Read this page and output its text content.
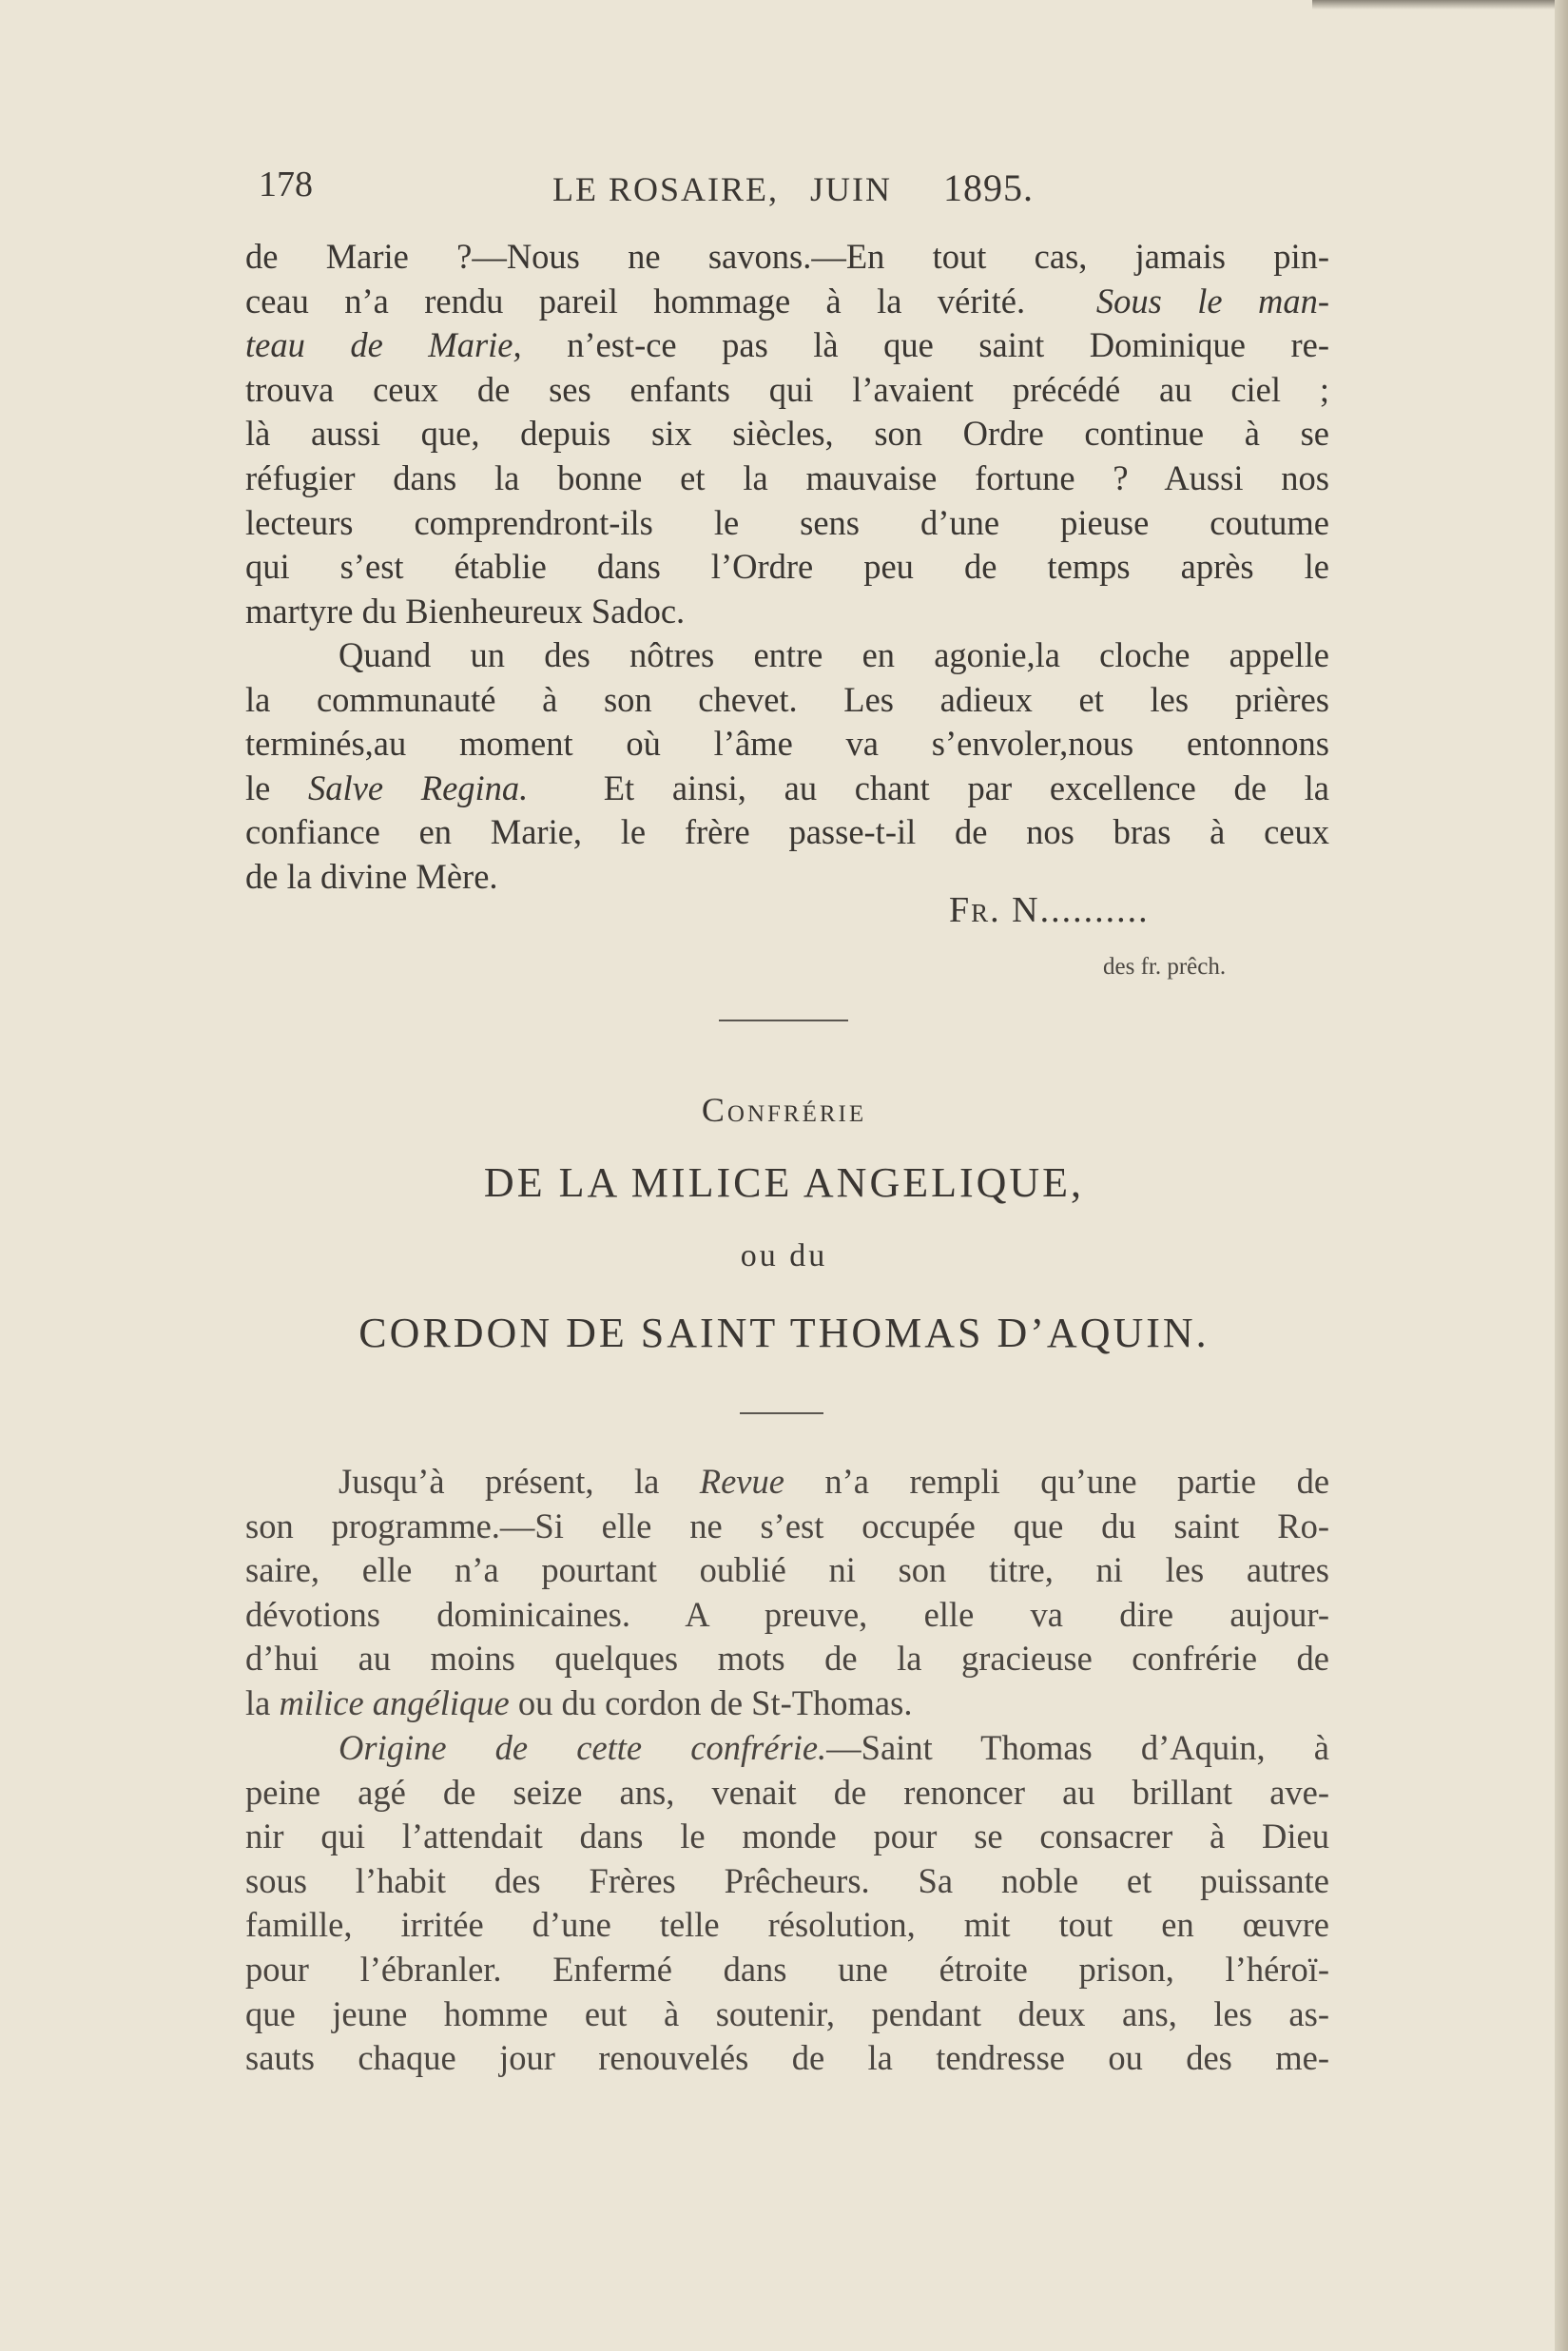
178	LE ROSAIRE, JUIN 1895.
de Marie ?—Nous ne savons.—En tout cas, jamais pin-
ceau n’a rendu pareil hommage à la vérité. Sous le man-
teau de Marie, n’est-ce pas là que saint Dominique re-
trouva ceux de ses enfants qui l’avaient précédé au ciel ;
là aussi que, depuis six siècles, son Ordre continue à se
réfugier dans la bonne et la mauvaise fortune ? Aussi nos
lecteurs comprendront-ils le sens d’une pieuse coutume
qui s’est établie dans l’Ordre peu de temps après le
martyre du Bienheureux Sadoc.
Quand un des nôtres entre en agonie,la cloche appelle
la communauté à son chevet. Les adieux et les prières
terminés,au moment où l’âme va s’envoler,nous entonnons
le Salve Regina. Et ainsi, au chant par excellence de la
confiance en Marie, le frère passe-t-il de nos bras à ceux
de la divine Mère.
Fr. N..........
des fr. prêch.
Confrérie
DE LA MILICE ANGELIQUE,
ou du
CORDON DE SAINT THOMAS D’AQUIN.
Jusqu’à présent, la Revue n’a rempli qu’une partie de
son programme.—Si elle ne s’est occupée que du saint Ro-
saire, elle n’a pourtant oublié ni son titre, ni les autres
dévotions dominicaines. A preuve, elle va dire aujour-
d’hui au moins quelques mots de la gracieuse confrérie de
la milice angélique ou du cordon de St-Thomas.
Origine de cette confrérie.—Saint Thomas d’Aquin, à
peine agé de seize ans, venait de renoncer au brillant ave-
nir qui l’attendait dans le monde pour se consacrer à Dieu
sous l’habit des Frères Prêcheurs. Sa noble et puissante
famille, irritée d’une telle résolution, mit tout en œuvre
pour l’ébranler. Enfermé dans une étroite prison, l’héroï-
que jeune homme eut à soutenir, pendant deux ans, les as-
sauts chaque jour renouvelés de la tendresse ou des me-
